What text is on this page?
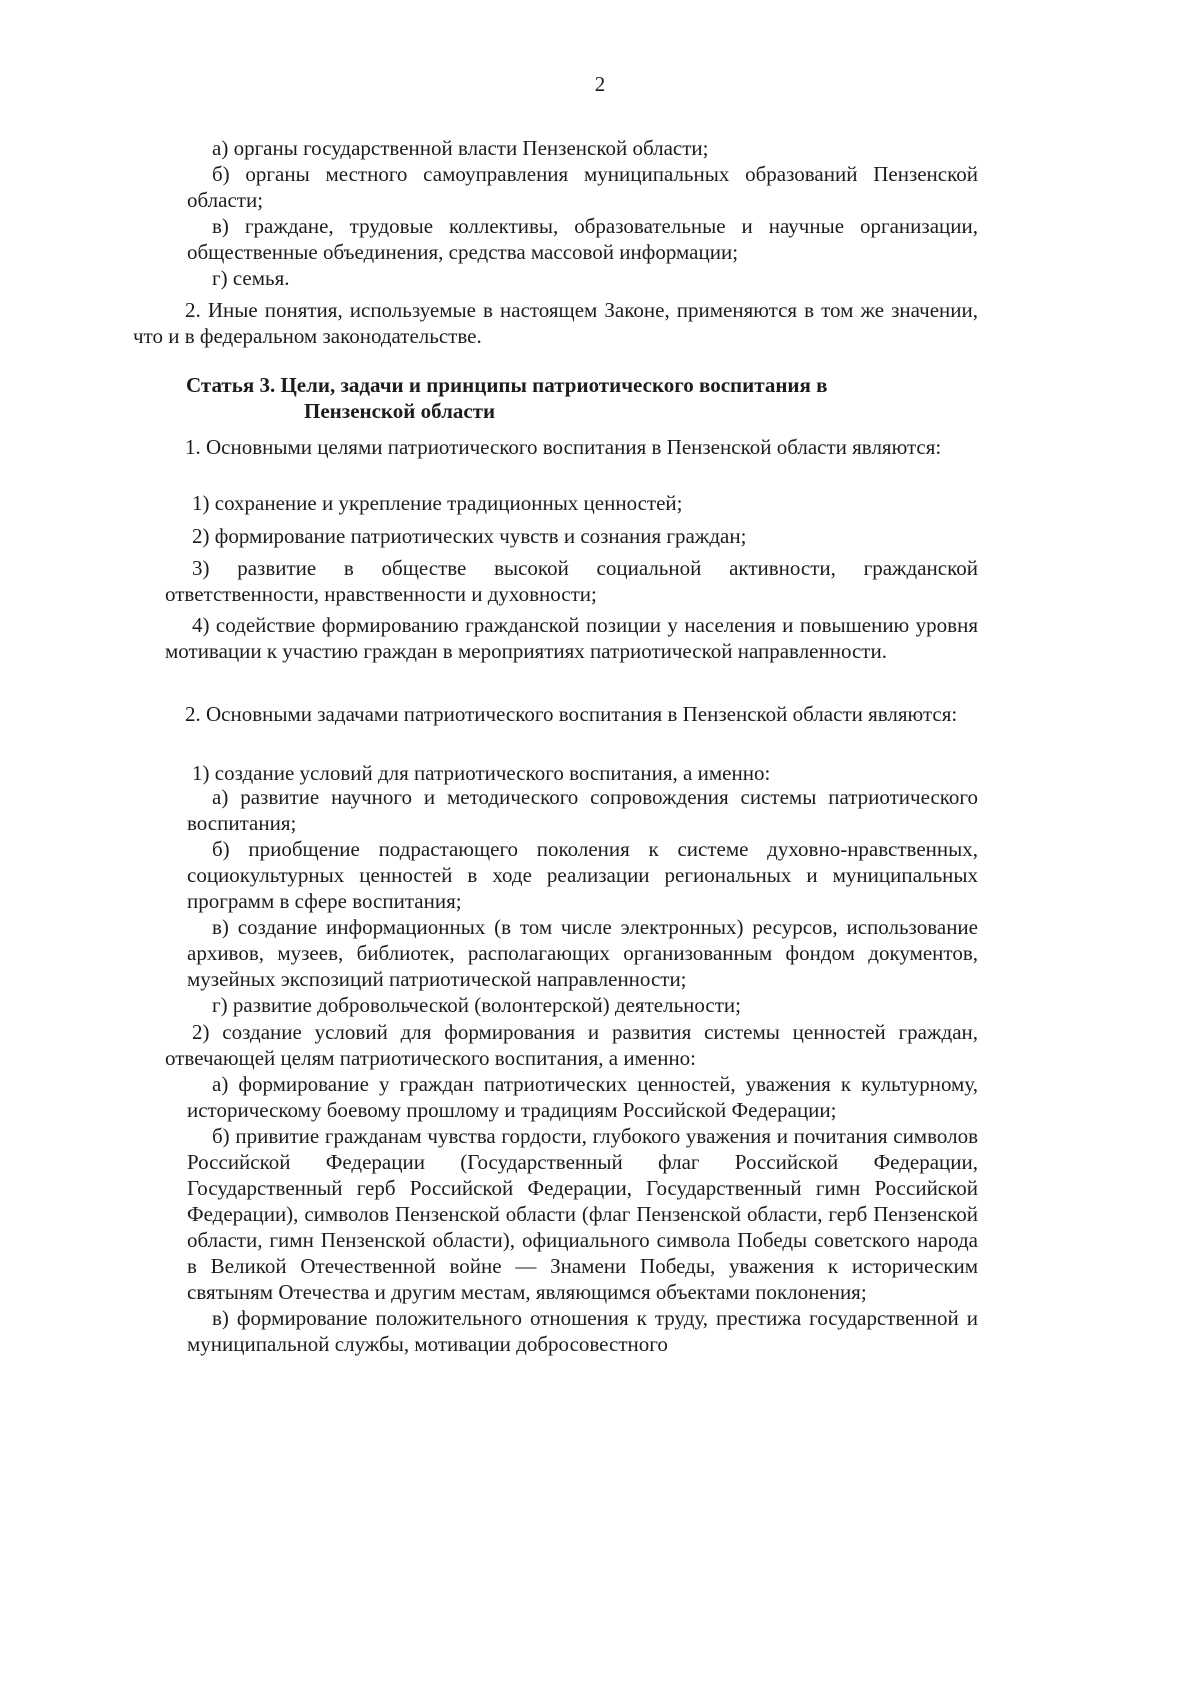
2
а) органы государственной власти Пензенской области;
б) органы местного самоуправления муниципальных образований Пензенской области;
в) граждане, трудовые коллективы, образовательные и научные организации, общественные объединения, средства массовой информации;
г) семья.
2. Иные понятия, используемые в настоящем Законе, применяются в том же значении, что и в федеральном законодательстве.
Статья 3. Цели, задачи и принципы патриотического воспитания в
Пензенской области
1. Основными целями патриотического воспитания в Пензенской области являются:
1) сохранение и укрепление традиционных ценностей;
2) формирование патриотических чувств и сознания граждан;
3) развитие в обществе высокой социальной активности, гражданской ответственности, нравственности и духовности;
4) содействие формированию гражданской позиции у населения и повышению уровня мотивации к участию граждан в мероприятиях патриотической направленности.
2. Основными задачами патриотического воспитания в Пензенской области являются:
1) создание условий для патриотического воспитания, а именно:
а) развитие научного и методического сопровождения системы патриотического воспитания;
б) приобщение подрастающего поколения к системе духовно-нравственных, социокультурных ценностей в ходе реализации региональных и муниципальных программ в сфере воспитания;
в) создание информационных (в том числе электронных) ресурсов, использование архивов, музеев, библиотек, располагающих организованным фондом документов, музейных экспозиций патриотической направленности;
г) развитие добровольческой (волонтерской) деятельности;
2) создание условий для формирования и развития системы ценностей граждан, отвечающей целям патриотического воспитания, а именно:
а) формирование у граждан патриотических ценностей, уважения к культурному, историческому боевому прошлому и традициям Российской Федерации;
б) привитие гражданам чувства гордости, глубокого уважения и почитания символов Российской Федерации (Государственный флаг Российской Федерации, Государственный герб Российской Федерации, Государственный гимн Российской Федерации), символов Пензенской области (флаг Пензенской области, герб Пензенской области, гимн Пензенской области), официального символа Победы советского народа в Великой Отечественной войне — Знамени Победы, уважения к историческим святыням Отечества и другим местам, являющимся объектами поклонения;
в) формирование положительного отношения к труду, престижа государственной и муниципальной службы, мотивации добросовестного
